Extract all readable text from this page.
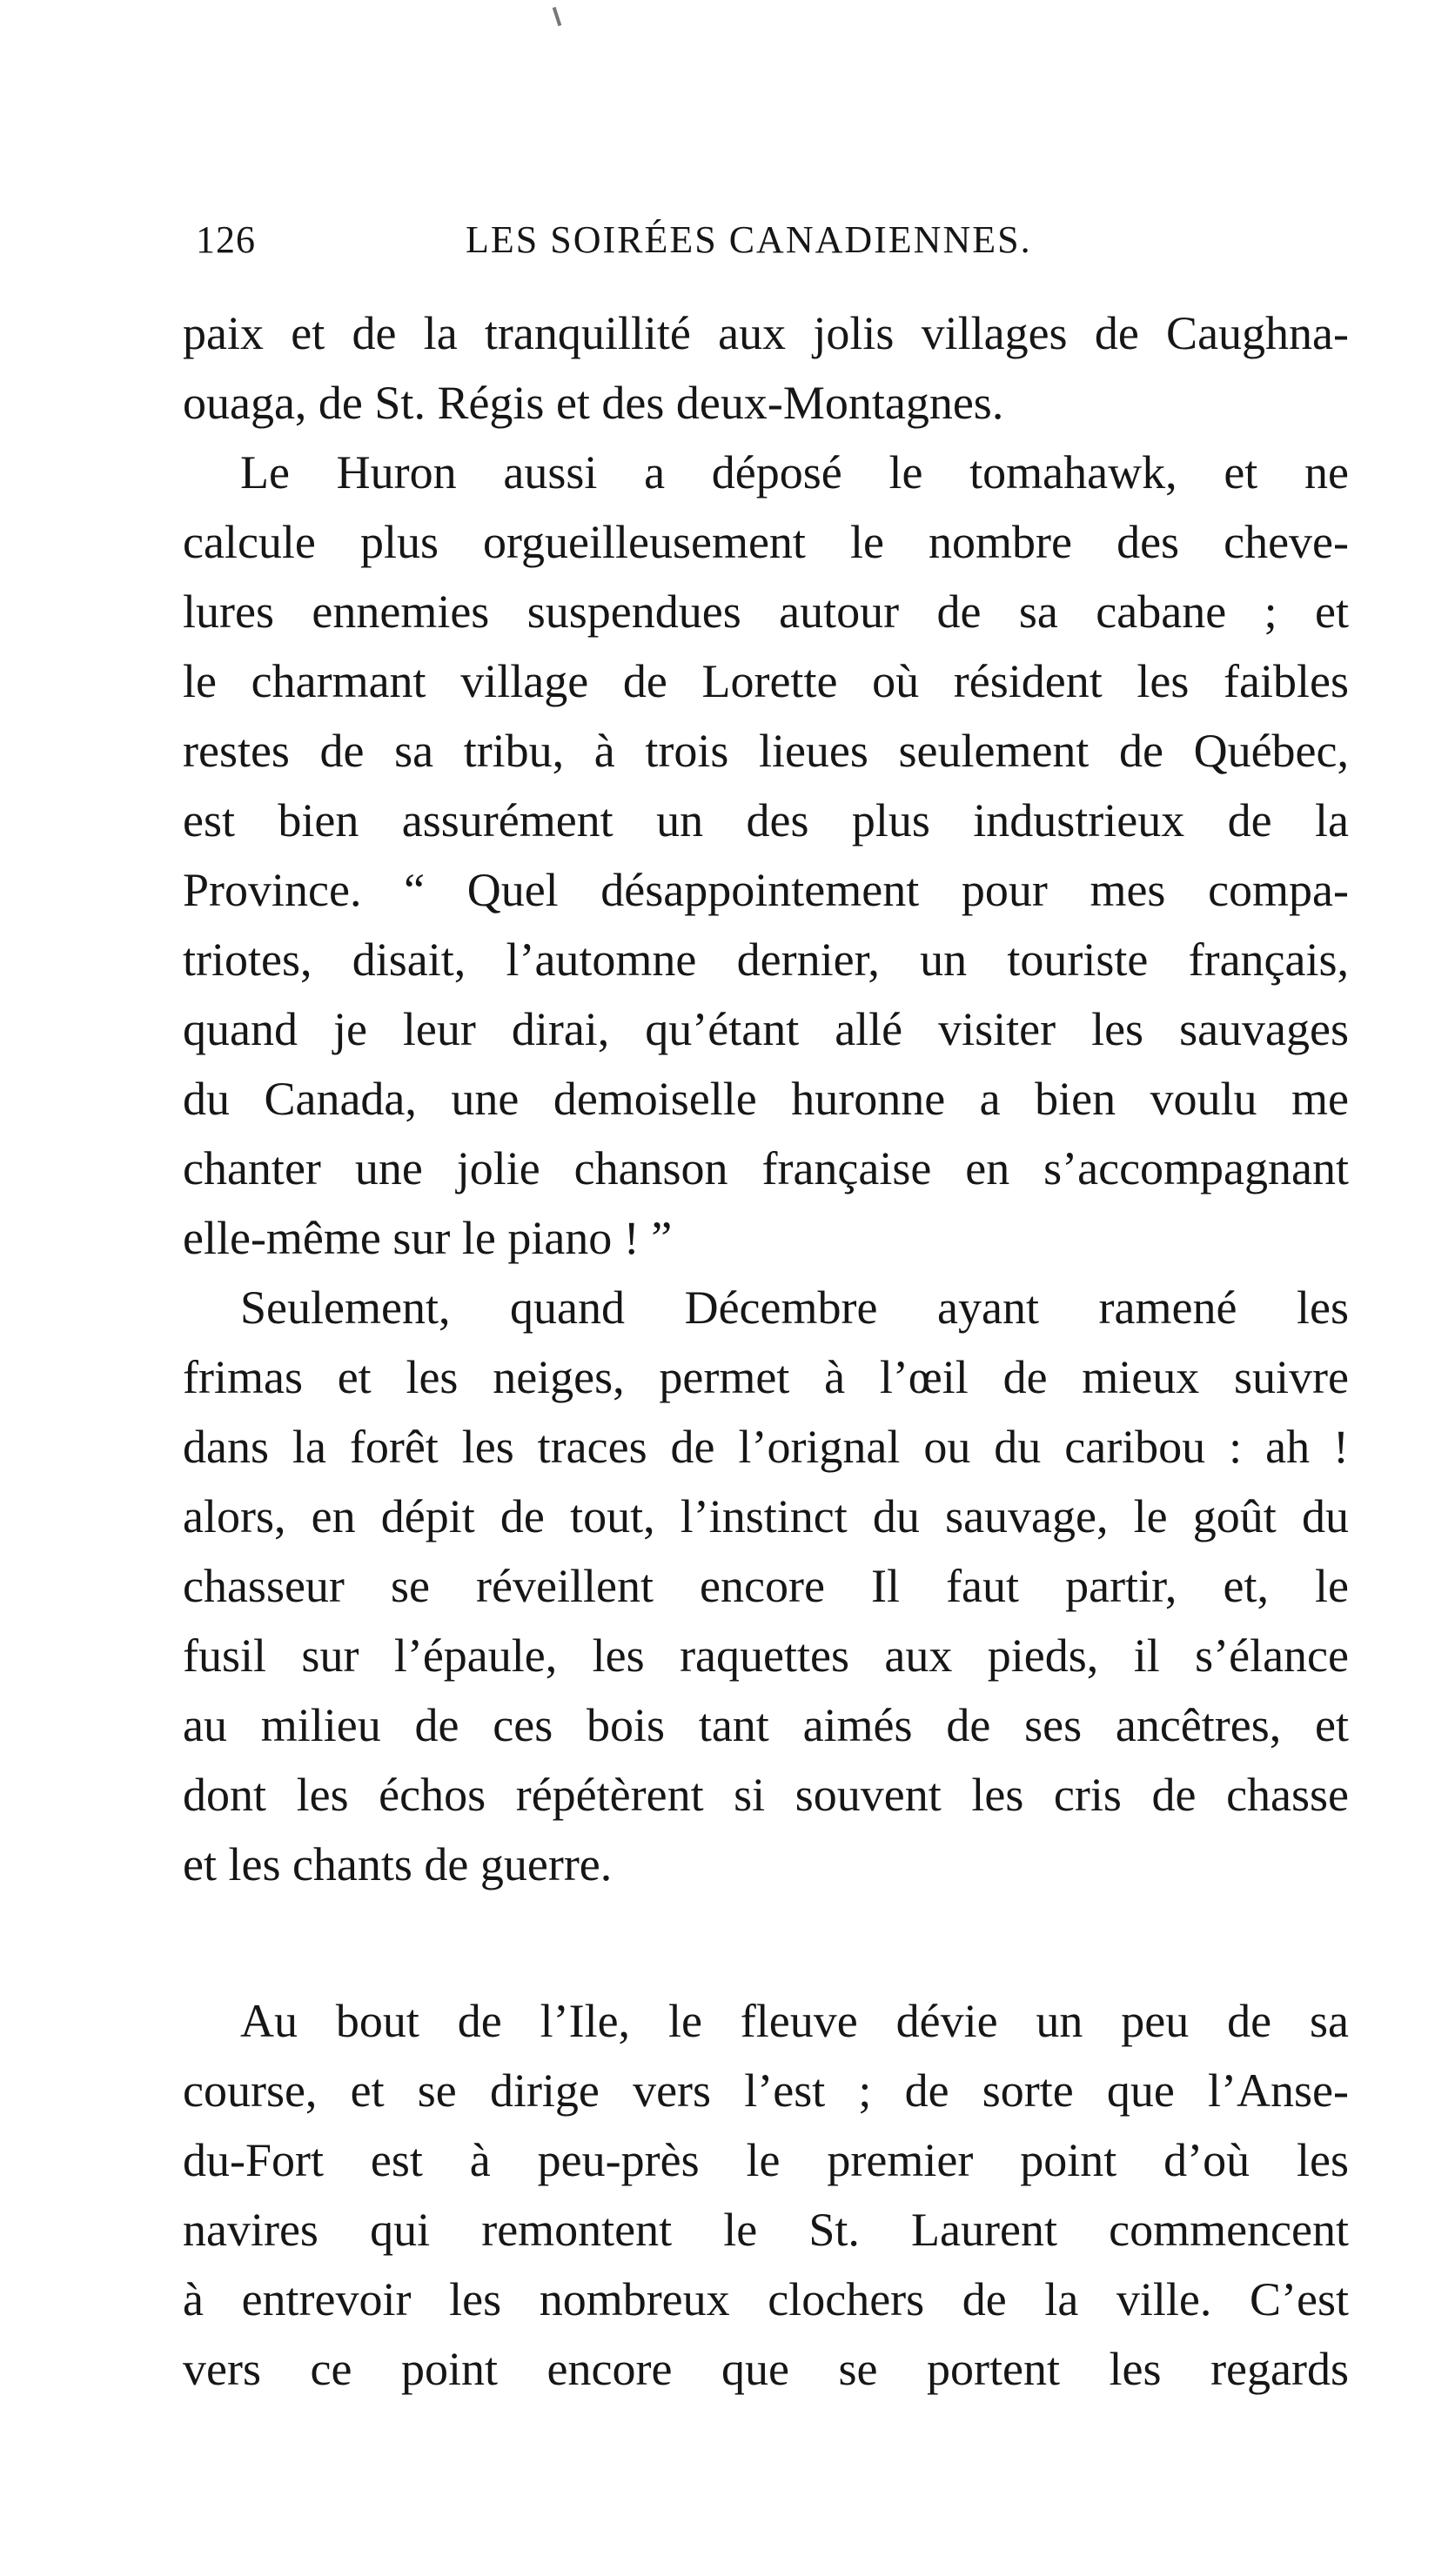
126	LES SOIRÉES CANADIENNES.
paix et de la tranquillité aux jolis villages de Caughna-
ouaga, de St. Régis et des deux-Montagnes.
Le Huron aussi a déposé le tomahawk, et ne
calcule plus orgueilleusement le nombre des cheve-
lures ennemies suspendues autour de sa cabane ; et
le charmant village de Lorette où résident les faibles
restes de sa tribu, à trois lieues seulement de Québec,
est bien assurément un des plus industrieux de la
Province. “ Quel désappointement pour mes compa-
triotes, disait, l’automne dernier, un touriste français,
quand je leur dirai, qu’étant allé visiter les sauvages
du Canada, une demoiselle huronne a bien voulu me
chanter une jolie chanson française en s’accompagnant
elle-même sur le piano ! ”
Seulement, quand Décembre ayant ramené les
frimas et les neiges, permet à l’œil de mieux suivre
dans la forêt les traces de l’orignal ou du caribou : ah !
alors, en dépit de tout, l’instinct du sauvage, le goût du
chasseur se réveillent encore Il faut partir, et, le
fusil sur l’épaule, les raquettes aux pieds, il s’élance
au milieu de ces bois tant aimés de ses ancêtres, et
dont les échos répétèrent si souvent les cris de chasse
et les chants de guerre.
Au bout de l’Ile, le fleuve dévie un peu de sa
course, et se dirige vers l’est ; de sorte que l’Anse-
du-Fort est à peu-près le premier point d’où les
navires qui remontent le St. Laurent commencent
à entrevoir les nombreux clochers de la ville. C’est
vers ce point encore que se portent les regards
